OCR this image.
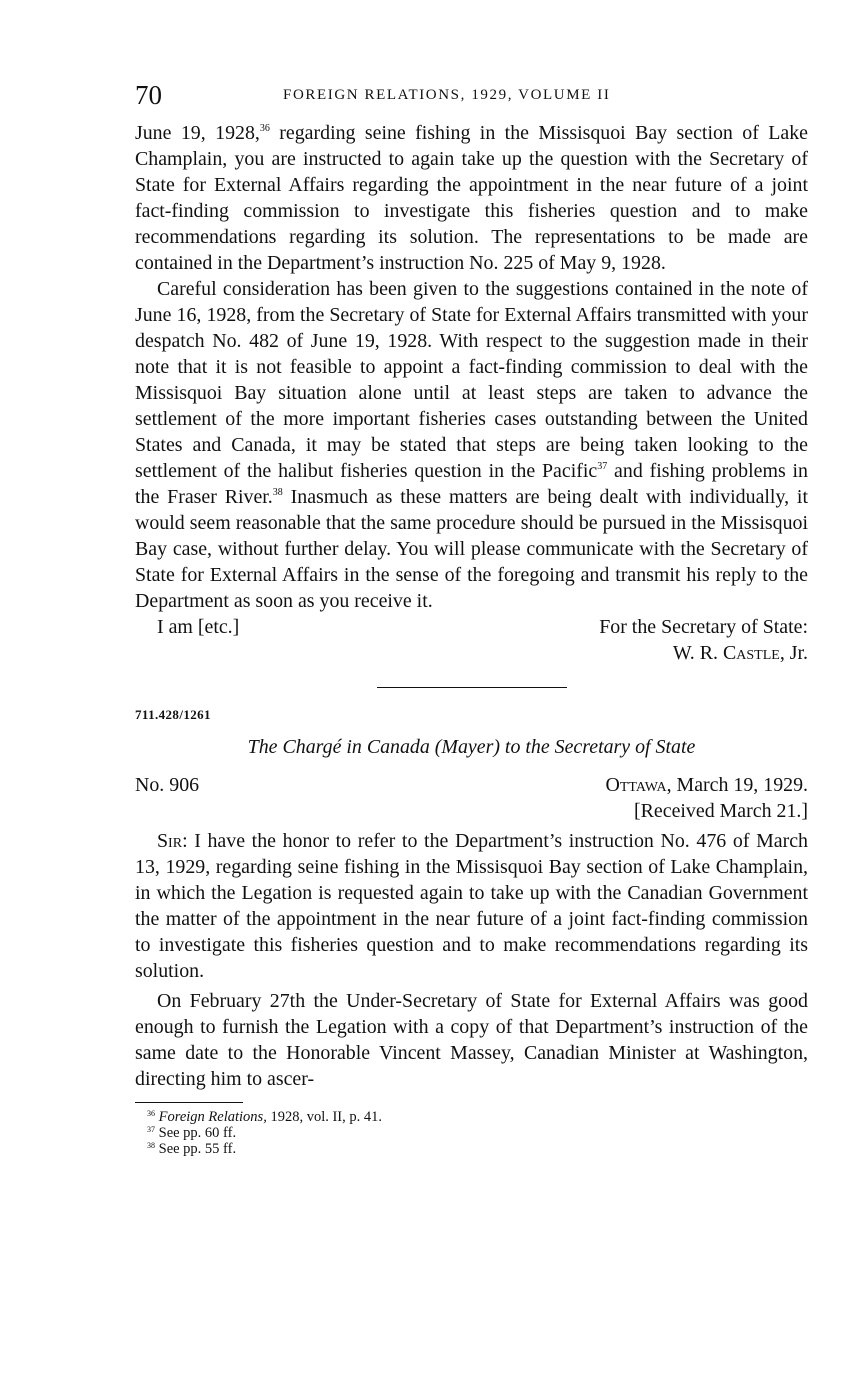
70	FOREIGN RELATIONS, 1929, VOLUME II

June 19, 1928,36 regarding seine fishing in the Missisquoi Bay section of Lake Champlain, you are instructed to again take up the question with the Secretary of State for External Affairs regarding the appointment in the near future of a joint fact-finding commission to investigate this fisheries question and to make recommendations regarding its solution. The representations to be made are contained in the Department’s instruction No. 225 of May 9, 1928.

Careful consideration has been given to the suggestions contained in the note of June 16, 1928, from the Secretary of State for External Affairs transmitted with your despatch No. 482 of June 19, 1928. With respect to the suggestion made in their note that it is not feasible to appoint a fact-finding commission to deal with the Missisquoi Bay situation alone until at least steps are taken to advance the settlement of the more important fisheries cases outstanding between the United States and Canada, it may be stated that steps are being taken looking to the settlement of the halibut fisheries question in the Pacific$^{37}$ and fishing problems in the Fraser River.$^{38}$ Inasmuch as these matters are being dealt with individually, it would seem reasonable that the same procedure should be pursued in the Missisquoi Bay case, without further delay. You will please communicate with the Secretary of State for External Affairs in the sense of the foregoing and transmit his reply to the Department as soon as you receive it.

I am [etc.]	For the Secretary of State:
W. R. Castle, Jr.
711.428/1261
The Chargé in Canada (Mayer) to the Secretary of State
No. 906	Ottawa, March 19, 1929.
[Received March 21.]

Sir: I have the honor to refer to the Department’s instruction No. 476 of March 13, 1929, regarding seine fishing in the Missisquoi Bay section of Lake Champlain, in which the Legation is requested again to take up with the Canadian Government the matter of the appointment in the near future of a joint fact-finding commission to investigate this fisheries question and to make recommendations regarding its solution.

On February 27th the Under-Secretary of State for External Affairs was good enough to furnish the Legation with a copy of that Department’s instruction of the same date to the Honorable Vincent Massey, Canadian Minister at Washington, directing him to ascer-

$^{36}$ Foreign Relations, 1928, vol. II, p. 41.
$^{37}$ See pp. 60 ff.
$^{38}$ See pp. 55 ff.
